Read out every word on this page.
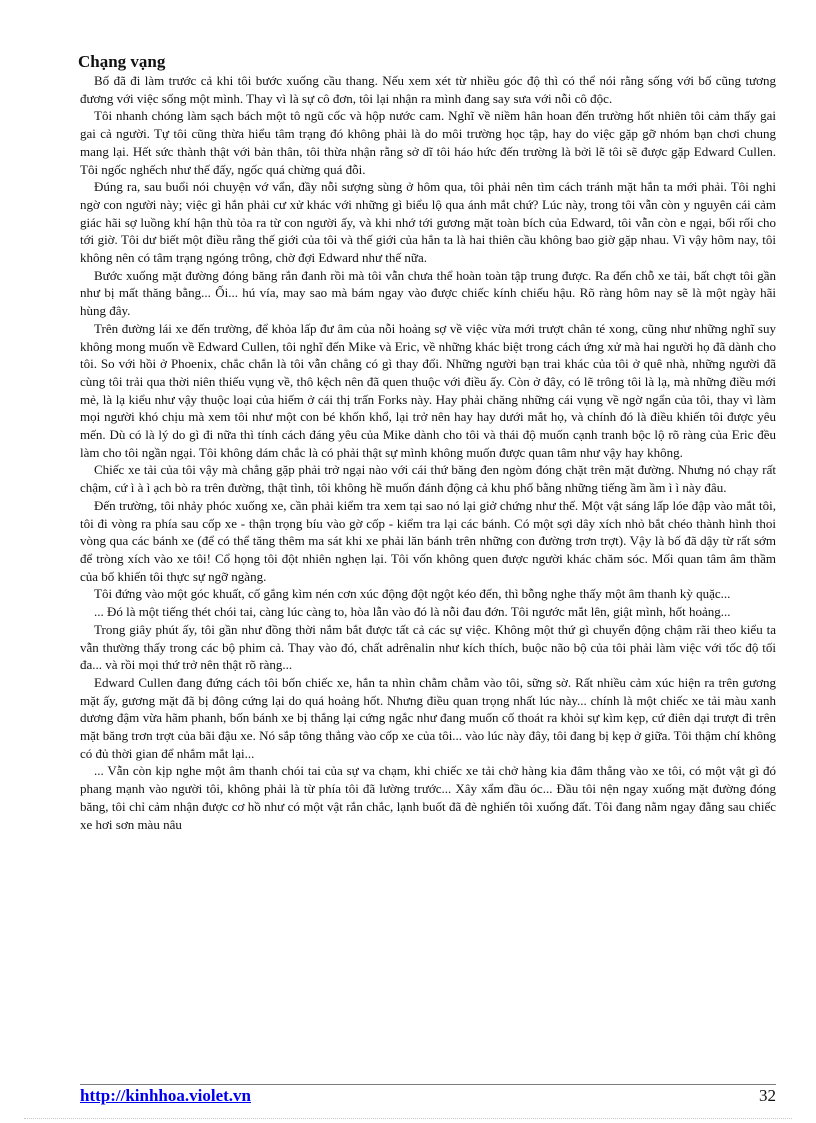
Chạng vạng

Bố đã đi làm trước cả khi tôi bước xuống cầu thang. Nếu xem xét từ nhiều góc độ thì có thể nói rằng sống với bố cũng tương đương với việc sống một mình. Thay vì là sự cô đơn, tôi lại nhận ra mình đang say sưa với nỗi cô độc.

Tôi nhanh chóng làm sạch bách một tô ngũ cốc và hộp nước cam. Nghĩ về niềm hân hoan đến trường hốt nhiên tôi cảm thấy gai gai cả người. Tự tôi cũng thừa hiểu tâm trạng đó không phải là do môi trường học tập, hay do việc gặp gỡ nhóm bạn chơi chung mang lại. Hết sức thành thật với bản thân, tôi thừa nhận rằng sở dĩ tôi háo hức đến trường là bởi lẽ tôi sẽ được gặp Edward Cullen. Tôi ngốc nghếch như thế đấy, ngốc quá chừng quá đỗi.

Đúng ra, sau buổi nói chuyện vớ vẩn, đầy nỗi sượng sùng ở hôm qua, tôi phải nên tìm cách tránh mặt hắn ta mới phải. Tôi nghi ngờ con người này; việc gì hắn phải cư xử khác với những gì biểu lộ qua ánh mắt chứ? Lúc này, trong tôi vẫn còn y nguyên cái cảm giác hãi sợ luồng khí hận thù tỏa ra từ con người ấy, và khi nhớ tới gương mặt toàn bích của Edward, tôi vẫn còn e ngại, bối rối cho tới giờ. Tôi dư biết một điều rằng thế giới của tôi và thế giới của hắn ta là hai thiên cầu không bao giờ gặp nhau. Vì vậy hôm nay, tôi không nên có tâm trạng ngóng trông, chờ đợi Edward như thế nữa.

Bước xuống mặt đường đóng băng rắn đanh rồi mà tôi vẫn chưa thể hoàn toàn tập trung được. Ra đến chỗ xe tải, bất chợt tôi gần như bị mất thăng bằng... Ối... hú vía, may sao mà bám ngay vào được chiếc kính chiếu hậu. Rõ ràng hôm nay sẽ là một ngày hãi hùng đây.

Trên đường lái xe đến trường, để khỏa lấp đư âm của nỗi hoảng sợ về việc vừa mới trượt chân té xong, cũng như những nghĩ suy không mong muốn về Edward Cullen, tôi nghĩ đến Mike và Eric, về những khác biệt trong cách ứng xử mà hai người họ đã dành cho tôi. So với hồi ở Phoenix, chắc chắn là tôi vẫn chẳng có gì thay đổi. Những người bạn trai khác của tôi ở quê nhà, những người đã cùng tôi trải qua thời niên thiếu vụng về, thô kệch nên đã quen thuộc với điều ấy. Còn ở đây, có lẽ trông tôi là lạ, mà những điều mới mẻ, là lạ kiểu như vậy thuộc loại của hiếm ở cái thị trấn Forks này. Hay phải chăng những cái vụng về ngờ ngẩn của tôi, thay vì làm mọi người khó chịu mà xem tôi như một con bé khốn khổ, lại trở nên hay hay dưới mắt họ, và chính đó là điều khiến tôi được yêu mến. Dù có là lý do gì đi nữa thì tính cách đáng yêu của Mike dành cho tôi và thái độ muốn cạnh tranh bộc lộ rõ ràng của Eric đều làm cho tôi ngần ngại. Tôi không dám chắc là có phải thật sự mình không muốn được quan tâm như vậy hay không.

Chiếc xe tải của tôi vậy mà chẳng gặp phải trở ngại nào với cái thứ băng đen ngòm đóng chặt trên mặt đường. Nhưng nó chạy rất chậm, cứ ì à ì ạch bò ra trên đường, thật tình, tôi không hề muốn đánh động cả khu phố bằng những tiếng ầm ầm ì ì này đâu.

Đến trường, tôi nhảy phóc xuống xe, cần phải kiểm tra xem tại sao nó lại giở chứng như thế. Một vật sáng lấp lóe đập vào mắt tôi, tôi đi vòng ra phía sau cốp xe - thận trọng bíu vào gờ cốp - kiểm tra lại các bánh. Có một sợi dây xích nhỏ bắt chéo thành hình thoi vòng qua các bánh xe (để có thể tăng thêm ma sát khi xe phải lăn bánh trên những con đường trơn trợt). Vậy là bố đã dậy từ rất sớm để tròng xích vào xe tôi! Cổ họng tôi đột nhiên nghẹn lại. Tôi vốn không quen được người khác chăm sóc. Mối quan tâm âm thầm của bố khiến tôi thực sự ngỡ ngàng.

Tôi đứng vào một góc khuất, cố gắng kìm nén cơn xúc động đột ngột kéo đến, thì bỗng nghe thấy một âm thanh kỳ quặc...

... Đó là một tiếng thét chói tai, càng lúc càng to, hòa lẫn vào đó là nỗi đau đớn. Tôi ngước mắt lên, giật mình, hốt hoảng...

Trong giây phút ấy, tôi gần như đồng thời nắm bắt được tất cả các sự việc. Không một thứ gì chuyển động chậm rãi theo kiểu ta vẫn thường thấy trong các bộ phim cả. Thay vào đó, chất adrênalin như kích thích, buộc não bộ của tôi phải làm việc với tốc độ tối đa... và rồi mọi thứ trở nên thật rõ ràng...

Edward Cullen đang đứng cách tôi bốn chiếc xe, hắn ta nhìn chằm chằm vào tôi, sững sờ. Rất nhiều cảm xúc hiện ra trên gương mặt ấy, gương mặt đã bị đông cứng lại do quá hoảng hốt. Nhưng điều quan trọng nhất lúc này... chính là một chiếc xe tải màu xanh dương đậm vừa hãm phanh, bốn bánh xe bị thắng lại cứng ngắc như đang muốn cố thoát ra khỏi sự kìm kẹp, cứ điên dại trượt đi trên mặt băng trơn trợt của bãi đậu xe. Nó sắp tông thẳng vào cốp xe của tôi... vào lúc này đây, tôi đang bị kẹp ở giữa. Tôi thậm chí không có đủ thời gian để nhắm mắt lại...

... Vẫn còn kịp nghe một âm thanh chói tai của sự va chạm, khi chiếc xe tải chở hàng kia đâm thẳng vào xe tôi, có một vật gì đó phang mạnh vào người tôi, không phải là từ phía tôi đã lường trước... Xây xẩm đầu óc... Đầu tôi nện ngay xuống mặt đường đóng băng, tôi chỉ cảm nhận được cơ hồ như có một vật rắn chắc, lạnh buốt đã đè nghiến tôi xuống đất. Tôi đang nằm ngay đằng sau chiếc xe hơi sơn màu nâu

http://kinhhoa.violet.vn	32
